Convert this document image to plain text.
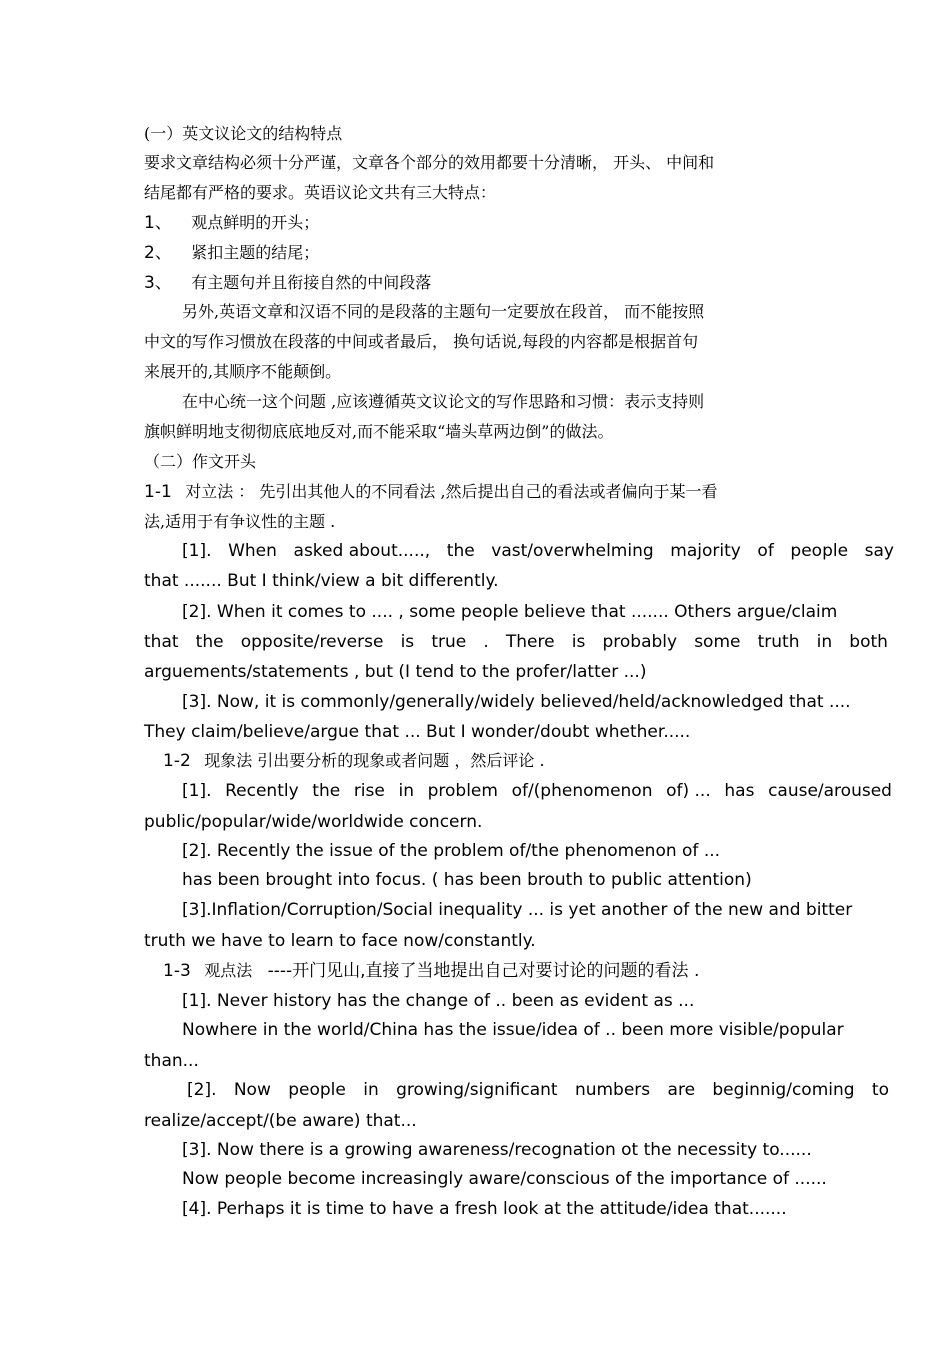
(一）英文议论文的结构特点
要求文章结构必须十分严谨，文章各个部分的效用都要十分清晰， 开头、 中间和
结尾都有严格的要求。英语议论文共有三大特点：
1、 观点鲜明的开头；
2、 紧扣主题的结尾；
3、 有主题句并且衔接自然的中间段落
另外,英语文章和汉语不同的是段落的主题句一定要放在段首， 而不能按照
中文的写作习惯放在段落的中间或者最后， 换句话说,每段的内容都是根据首句
来展开的,其顺序不能颠倒。
在中心统一这个问题 ,应该遵循英文议论文的写作思路和习惯：表示支持则
旗帜鲜明地支彻彻底底地反对,而不能采取“墙头草两边倒”的做法。
（二）作文开头
1-1 对立法 ： 先引出其他人的不同看法 ,然后提出自己的看法或者偏向于某一看
法,适用于有争议性的主题 .
[1]. When asked about....., the vast/overwhelming majority of people say
that ....... But I think/view a bit differently.
[2]. When it comes to .... , some people believe that ....... Others argue/claim
that the opposite/reverse is true . There is probably some truth in both
arguements/statements , but (I tend to the profer/latter ...)
[3]. Now, it is commonly/generally/widely believed/held/acknowledged that ....
They claim/believe/argue that ... But I wonder/doubt whether.....
1-2 现象法 引出要分析的现象或者问题 ，然后评论 .
[1]. Recently the rise in problem of/(phenomenon of) ... has cause/aroused
public/popular/wide/worldwide concern.
[2]. Recently the issue of the problem of/the phenomenon of ...
has been brought into focus. ( has been brouth to public attention)
[3].Inflation/Corruption/Social inequality ... is yet another of the new and bitter
truth we have to learn to face now/constantly.
1-3 观点法 ----开门见山,直接了当地提出自己对要讨论的问题的看法 .
[1]. Never history has the change of .. been as evident as ...
Nowhere in the world/China has the issue/idea of .. been more visible/popular
than...
[2]. Now people in growing/significant numbers are beginnig/coming to
realize/accept/(be aware) that...
[3]. Now there is a growing awareness/recognation ot the necessity to......
Now people become increasingly aware/conscious of the importance of ......
[4]. Perhaps it is time to have a fresh look at the attitude/idea that.......
